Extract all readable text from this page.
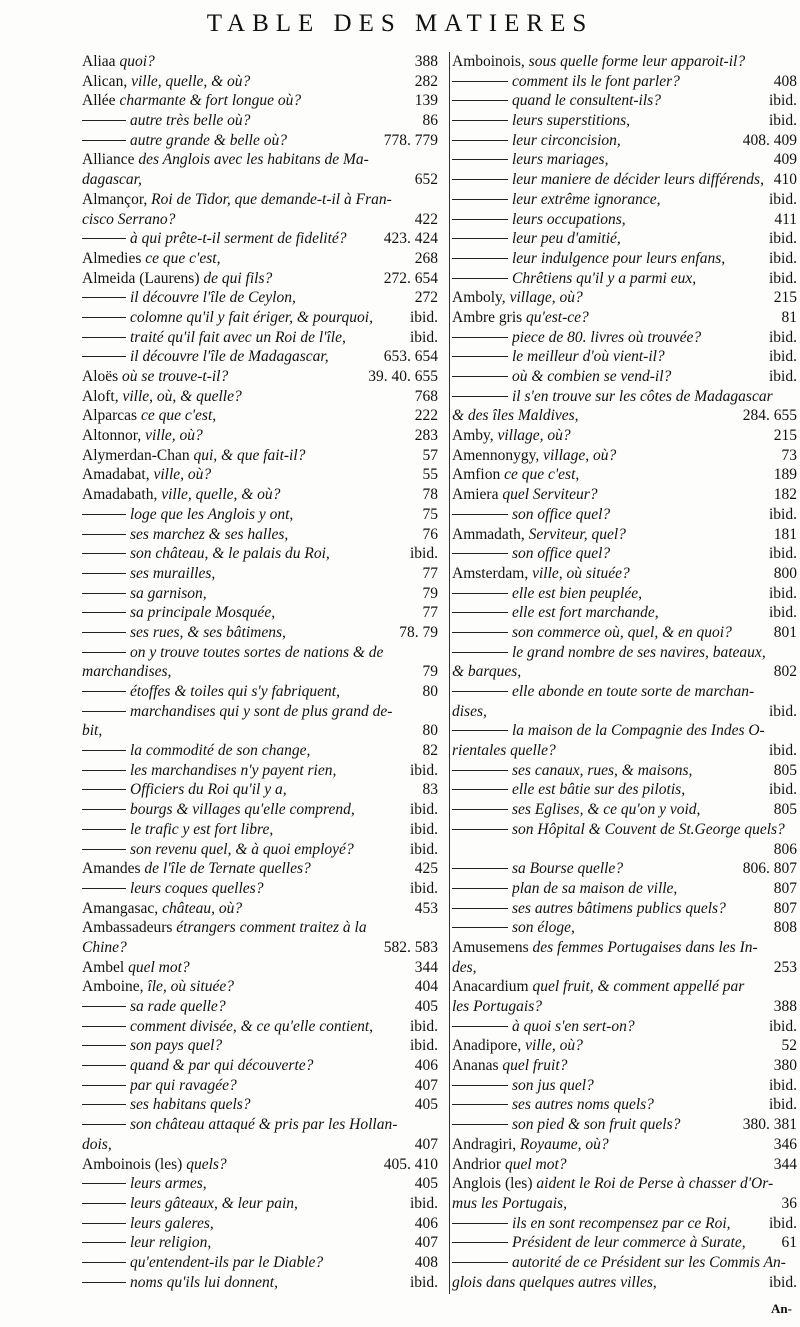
TABLE DES MATIERES
Aliaa quoi?	388
Alican, ville, quelle, & où?	282
Allée charmante & fort longue où?	139
autre très belle où?	86
autre grande & belle où?	778. 779
Alliance des Anglois avec les habitans de Ma-
dagascar,	652
Almançor, Roi de Tidor, que demande-t-il à Fran-
cisco Serrano?	422
à qui prête-t-il serment de fidelité?	423. 424
Almedies ce que c'est,	268
Almeida (Laurens) de qui fils?	272. 654
il découvre l'île de Ceylon,	272
colomne qu'il y fait ériger, & pourquoi,	ibid.
traité qu'il fait avec un Roi de l'île,	ibid.
il découvre l'île de Madagascar,	653. 654
Aloës où se trouve-t-il?	39. 40. 655
Aloft, ville, où, & quelle?	768
Alparcas ce que c'est,	222
Altonnor, ville, où?	283
Alymerdan-Chan qui, & que fait-il?	57
Amadabat, ville, où?	55
Amadabath, ville, quelle, & où?	78
loge que les Anglois y ont,	75
ses marchez & ses halles,	76
son château, & le palais du Roi,	ibid.
ses murailles,	77
sa garnison,	79
sa principale Mosquée,	77
ses rues, & ses bâtimens,	78. 79
on y trouve toutes sortes de nations & de
marchandises,	79
étoffes & toiles qui s'y fabriquent,	80
marchandises qui y sont de plus grand de-
bit,	80
la commodité de son change,	82
les marchandises n'y payent rien,	ibid.
Officiers du Roi qu'il y a,	83
bourgs & villages qu'elle comprend,	ibid.
le trafic y est fort libre,	ibid.
son revenu quel, & à quoi employé?	ibid.
Amandes de l'île de Ternate quelles?	425
leurs coques quelles?	ibid.
Amangasac, château, où?	453
Ambassadeurs étrangers comment traitez à la
Chine?	582. 583
Ambel quel mot?	344
Amboine, île, où située?	404
sa rade quelle?	405
comment divisée, & ce qu'elle contient,	ibid.
son pays quel?	ibid.
quand & par qui découverte?	406
par qui ravagée?	407
ses habitans quels?	405
son château attaqué & pris par les Hollan-
dois,	407
Amboinois (les) quels?	405. 410
leurs armes,	405
leurs gâteaux, & leur pain,	ibid.
leurs galeres,	406
leur religion,	407
qu'entendent-ils par le Diable?	408
noms qu'ils lui donnent,	ibid.
Amboinois, sous quelle forme leur apparoit-il?
comment ils le font parler?	408
quand le consultent-ils?	ibid.
leurs superstitions,	ibid.
leur circoncision,	408. 409
leurs mariages,	409
leur maniere de décider leurs différends, 410
leur extrême ignorance,	ibid.
leurs occupations,	411
leur peu d'amitié,	ibid.
leur indulgence pour leurs enfans,	ibid.
Chrêtiens qu'il y a parmi eux,	ibid.
Amboly, village, où?	215
Ambre gris qu'est-ce?	81
piece de 80. livres où trouvée?	ibid.
le meilleur d'où vient-il?	ibid.
où & combien se vend-il?	ibid.
il s'en trouve sur les côtes de Madagascar
& des îles Maldives,	284. 655
Amby, village, où?	215
Amennonygy, village, où?	73
Amfion ce que c'est,	189
Amiera quel Serviteur?	182
son office quel?	ibid.
Ammadath, Serviteur, quel?	181
son office quel?	ibid.
Amsterdam, ville, où située?	800
elle est bien peuplée,	ibid.
elle est fort marchande,	ibid.
son commerce où, quel, & en quoi?	801
le grand nombre de ses navires, bateaux,
& barques,	802
elle abonde en toute sorte de marchan-
dises,	ibid.
la maison de la Compagnie des Indes O-
rientales quelle?	ibid.
ses canaux, rues, & maisons,	805
elle est bâtie sur des pilotis,	ibid.
ses Eglises, & ce qu'on y void,	805
son Hôpital & Couvent de St.George quels?
806
sa Bourse quelle?	806. 807
plan de sa maison de ville,	807
ses autres bâtimens publics quels?	807
son éloge,	808
Amusemens des femmes Portugaises dans les In-
des,	253
Anacardium quel fruit, & comment appellé par
les Portugais?	388
à quoi s'en sert-on?	ibid.
Anadipore, ville, où?	52
Ananas quel fruit?	380
son jus quel?	ibid.
ses autres noms quels?	ibid.
son pied & son fruit quels?	380. 381
Andragiri, Royaume, où?	346
Andrior quel mot?	344
Anglois (les) aident le Roi de Perse à chasser d'Or-
mus les Portugais,	36
ils en sont recompensez par ce Roi,	ibid.
Président de leur commerce à Surate,	61
autorité de ce Président sur les Commis An-
glois dans quelques autres villes,	ibid.
An-
